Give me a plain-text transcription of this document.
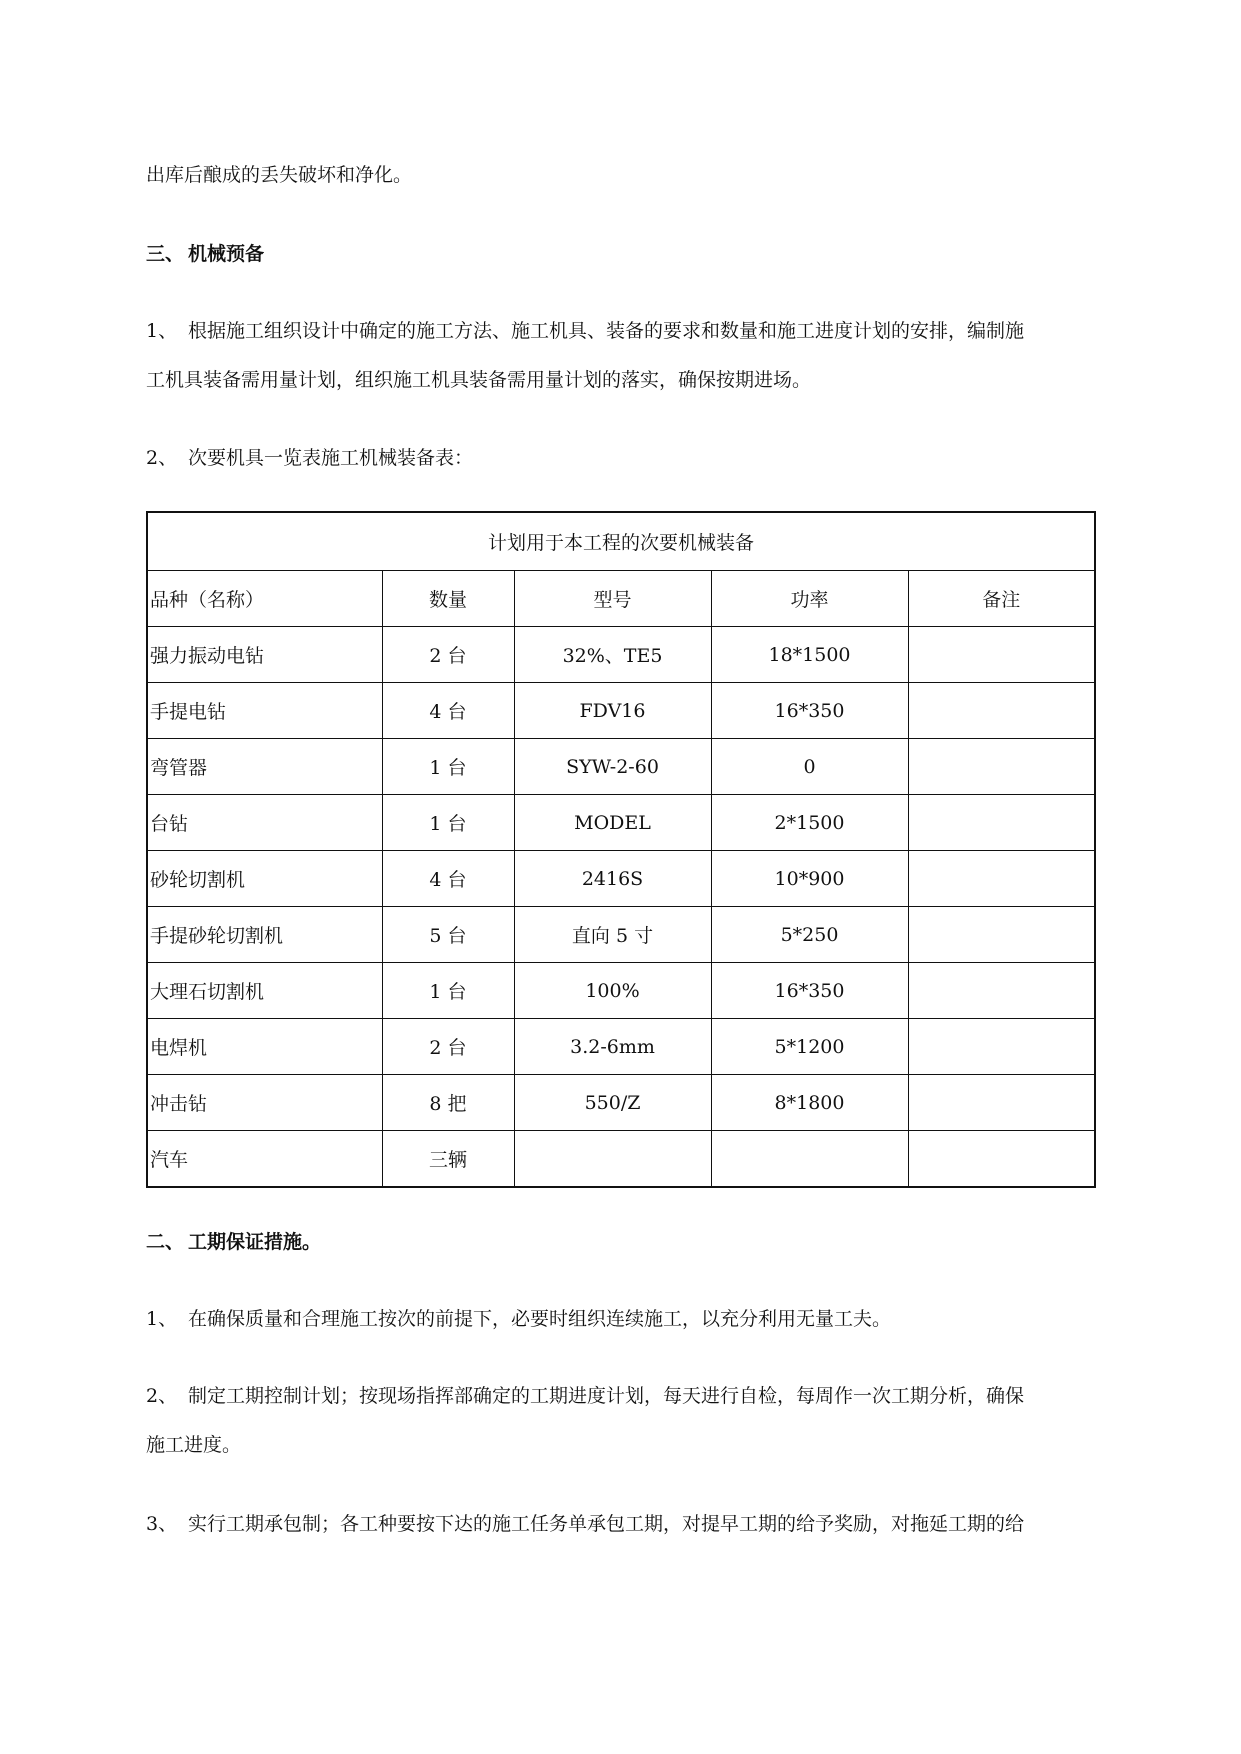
出库后酿成的丢失破坏和净化。
三、 机械预备
1、 根据施工组织设计中确定的施工方法、施工机具、装备的要求和数量和施工进度计划的安排，编制施
工机具装备需用量计划，组织施工机具装备需用量计划的落实，确保按期进场。
2、 次要机具一览表施工机械装备表：
计划用于本工程的次要机械装备				
品种（名称）	数量	型号	功率	备注
强力振动电钻	2 台	32%、TE5	18*1500	
手提电钻	4 台	FDV16	16*350	
弯管器	1 台	SYW-2-60	0	
台钻	1 台	MODEL	2*1500	
砂轮切割机	4 台	2416S	10*900	
手提砂轮切割机	5 台	直向 5 寸	5*250	
大理石切割机	1 台	100%	16*350	
电焊机	2 台	3.2-6mm	5*1200	
冲击钻	8 把	550/Z	8*1800	
汽车	三辆			
二、 工期保证措施。
1、 在确保质量和合理施工按次的前提下，必要时组织连续施工，以充分利用无量工夫。
2、 制定工期控制计划；按现场指挥部确定的工期进度计划，每天进行自检，每周作一次工期分析，确保
施工进度。
3、 实行工期承包制；各工种要按下达的施工任务单承包工期，对提早工期的给予奖励，对拖延工期的给
